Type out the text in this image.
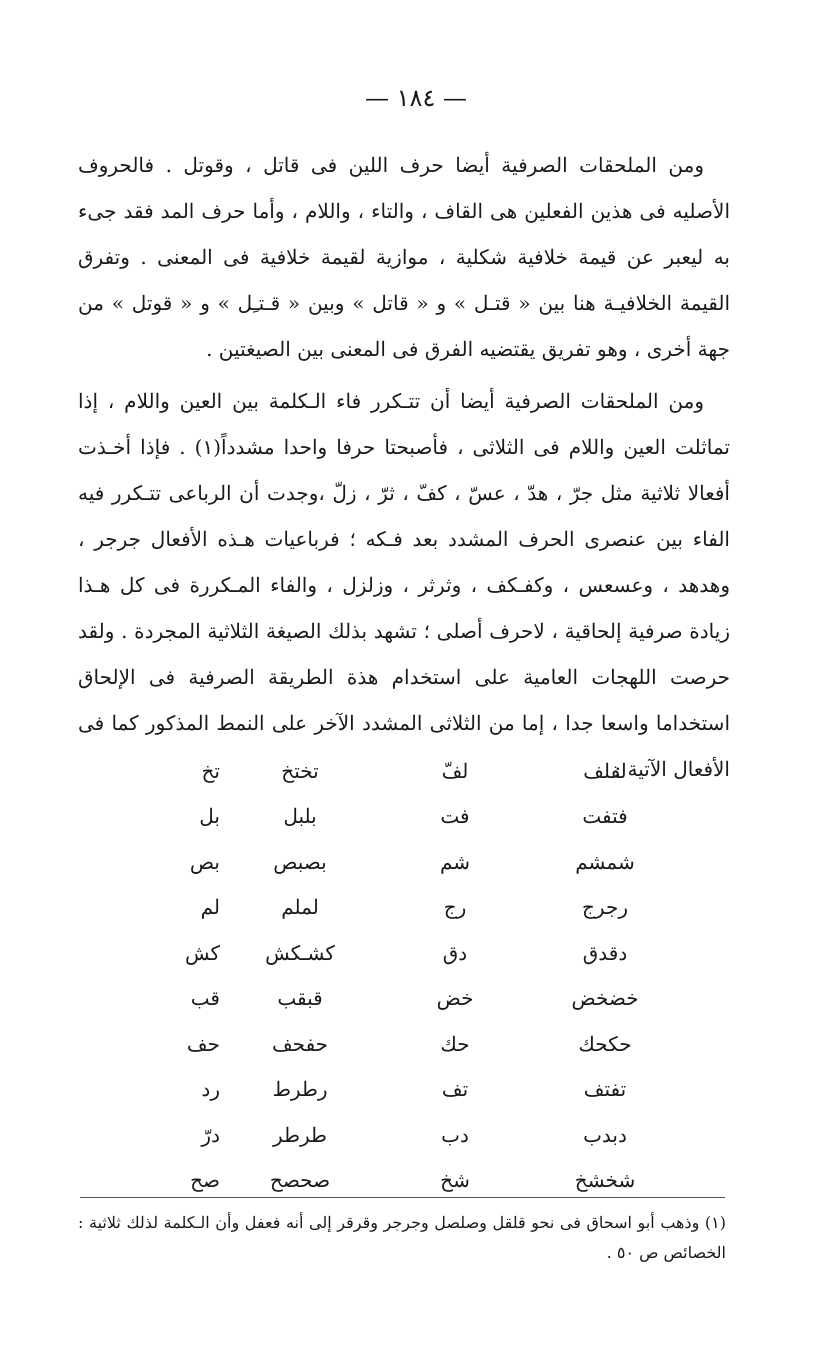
— ١٨٤ —

ومن الملحقات الصرفية أيضا حرف اللين فى قاتل ، وقوتل . فالحروف الأصليه فى هذين الفعلين هى القاف ، والتاء ، واللام ، وأما حرف المد فقد جىء به ليعبر عن قيمة خلافية شكلية ، موازية لقيمة خلافية فى المعنى . وتفرق القيمة الخلافيـة هنا بين « قتـل » و « قاتل » وبين « قـتـِل » و « قوتل » من جهة أخرى ، وهو تفريق يقتضيه الفرق فى المعنى بين الصيغتين .

ومن الملحقات الصرفية أيضا أن تتـكرر فاء الـكلمة بين العين واللام ، إذا تماثلت العين واللام فى الثلاثى ، فأصبحتا حرفا واحدا مشدداً(١) . فإذا أخـذت أفعالا ثلاثية مثل جرّ ، هدّ ، عسّ ، كفّ ، ثرّ ، زلّ ،وجدت أن الرباعى تتـكرر فيه الفاء بين عنصرى الحرف المشدد بعد فـكه ؛ فرباعيات هـذه الأفعال جرجر ، وهدهد ، وعسعس ، وكفـكف ، وثرثر ، وزلزل ، والفاء المـكررة فى كل هـذا زيادة صرفية إلحاقية ، لاحرف أصلى ؛ تشهد بذلك الصيغة الثلاثية المجردة . ولقد حرصت اللهجات العامية على استخدام هذة الطريقة الصرفية فى الإلحاق استخداما واسعا جدا ، إما من الثلاثى المشدد الآخر على النمط المذكور كما فى الأفعال الآتية :

لفلف
لفّ
تختخ
تخ
فتفت
فت
بلبل
بل
شمشم
شم
بصبص
بص
رجرج
رج
لملم
لم
دقدق
دق
كشـكش
كش
خضخض
خض
قبقب
قب
حكحك
حك
حفحف
حف
تفتف
تف
رطرط
رد
دبدب
دب
طرطر
درّ
شخشخ
شخ
صحصح
صح

(١) وذهب أبو اسحاق فى نحو قلقل وصلصل وجرجر وقرقر إلى أنه فعفل وأن الـكلمة لذلك ثلاثية : الخصائص ص ٥٠ .
